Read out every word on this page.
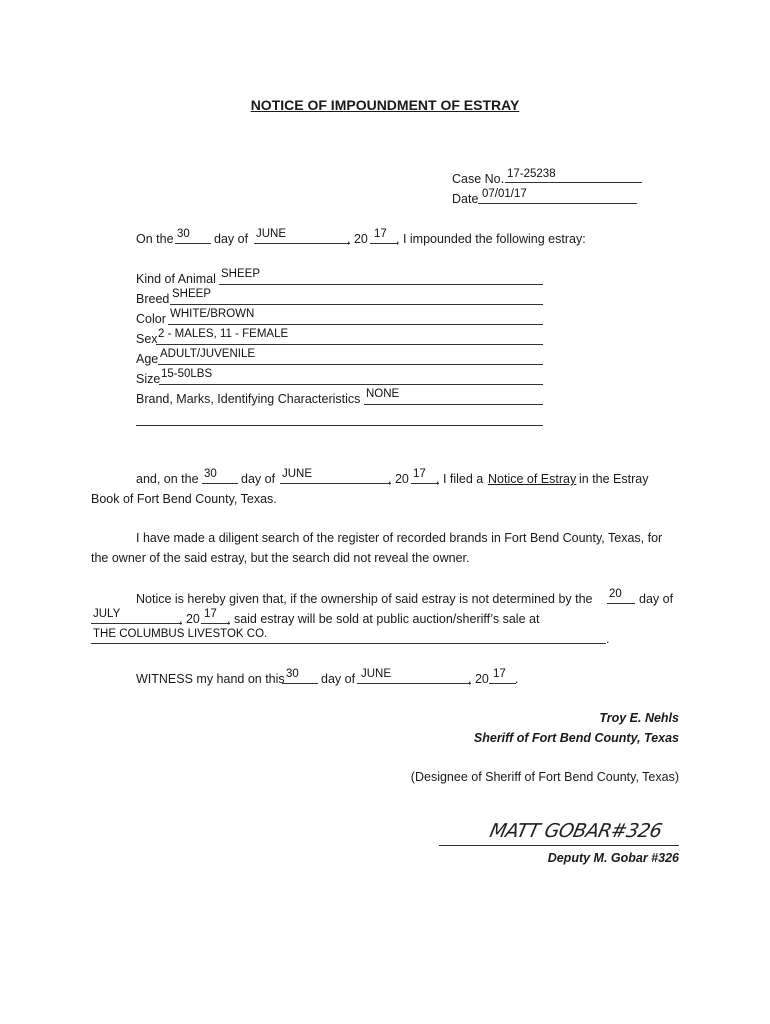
NOTICE OF IMPOUNDMENT OF ESTRAY
Case No. 17-25238
Date 07/01/17
On the 30 day of JUNE	, 20 17 , I impounded the following estray:
Kind of Animal SHEEP
Breed SHEEP
Color WHITE/BROWN
Sex 2 - MALES, 11 - FEMALE
Age ADULT/JUVENILE
Size 15-50LBS
Brand, Marks, Identifying Characteristics NONE
and, on the 30 day of JUNE	, 20 17 , I filed a Notice of Estray in the Estray
Book of Fort Bend County, Texas.
I have made a diligent search of the register of recorded brands in Fort Bend County, Texas, for
the owner of the said estray, but the search did not reveal the owner.
Notice is hereby given that, if the ownership of said estray is not determined by the 20 day of
JULY	, 20 17 , said estray will be sold at public auction/sheriff’s sale at
THE COLUMBUS LIVESTOK CO.	.
WITNESS my hand on this 30 day of JUNE	, 20 17 .
Troy E. Nehls
Sheriff of Fort Bend County, Texas
(Designee of Sheriff of Fort Bend County, Texas)
MATT GOBAR#326
Deputy M. Gobar #326
